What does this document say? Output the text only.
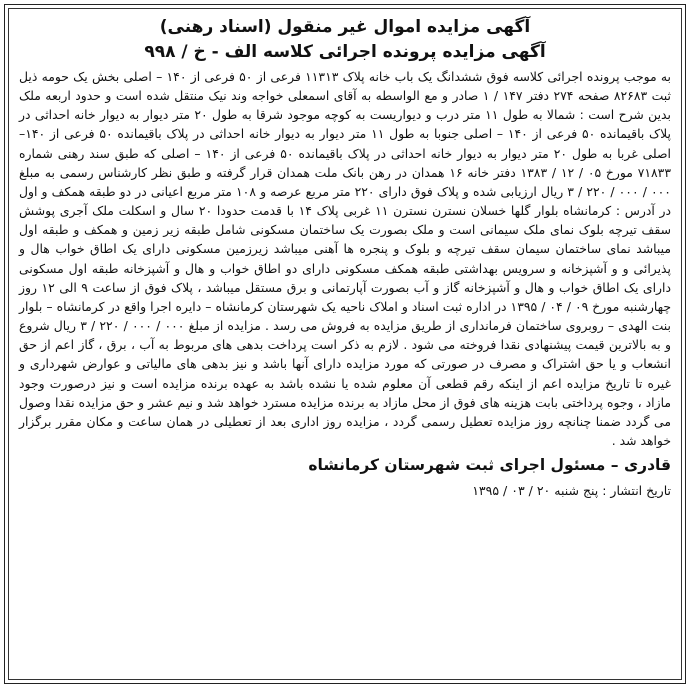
آگهی مزایده اموال غیر منقول (اسناد رهنی)

آگهی مزایده پرونده اجرائی کلاسه الف - خ / ۹۹۸

به موجب پرونده اجرائی کلاسه فوق ششدانگ یک باب خانه پلاک ۱۱۳۱۳ فرعی از ۵۰ فرعی از ۱۴۰ – اصلی بخش یک حومه ذیل ثبت ۸۲۶۸۳ صفحه ۲۷۴ دفتر ۱۴۷ / ۱ صادر و مع الواسطه به آقای اسمعلی خواجه وند نیک منتقل شده است و حدود اربعه ملک بدین شرح است : شمالا به طول ۱۱ متر درب و دیواریست به کوچه موجود شرقا به طول ۲۰ متر دیوار به دیوار خانه احداثی در پلاک باقیمانده ۵۰ فرعی از ۱۴۰ – اصلی جنوبا به طول ۱۱ متر دیوار به دیوار خانه احداثی در پلاک باقیمانده ۵۰ فرعی از ۱۴۰– اصلی غربا به طول ۲۰ متر دیوار به دیوار خانه احداثی در پلاک باقیمانده ۵۰ فرعی از ۱۴۰ – اصلی که طبق سند رهنی شماره ۷۱۸۳۳ مورخ ۰۵ / ۱۲ / ۱۳۸۳ دفتر خانه ۱۶ همدان در رهن بانک ملت همدان قرار گرفته و طبق نظر کارشناس رسمی به مبلغ ۰۰۰ / ۰۰۰ / ۲۲۰ / ۳ ریال ارزیابی شده و پلاک فوق دارای ۲۲۰ متر مربع عرصه و ۱۰۸ متر مربع اعیانی در دو طبقه همکف و اول در آدرس : کرمانشاه بلوار گلها خسلان نسترن نسترن ۱۱ غربی پلاک ۱۴ با قدمت حدودا ۲۰ سال و اسکلت ملک آجری پوشش سقف تیرچه بلوک نمای ملک سیمانی است و ملک بصورت یک ساختمان مسکونی شامل طبقه زیر زمین و همکف و طبقه اول میباشد نمای ساختمان سیمان سقف تیرچه و بلوک و پنجره ها آهنی میباشد زیرزمین مسکونی دارای یک اطاق خواب هال و پذیرائی و و آشپزخانه و سرویس بهداشتی طبقه همکف مسکونی دارای دو اطاق خواب و هال و آشپزخانه طبقه اول مسکونی دارای یک اطاق خواب و هال و آشپزخانه گاز و آب بصورت آپارتمانی و برق مستقل میباشد ، پلاک فوق از ساعت ۹ الی ۱۲ روز چهارشنبه مورخ ۰۹ / ۰۴ / ۱۳۹۵ در اداره ثبت اسناد و املاک ناحیه یک شهرستان کرمانشاه – دایره اجرا واقع در کرمانشاه – بلوار بنت الهدی – روبروی ساختمان فرمانداری از طریق مزایده به فروش می رسد . مزایده از مبلغ ۰۰۰ / ۰۰۰ / ۲۲۰ / ۳ ریال شروع و به بالاترین قیمت پیشنهادی نقدا فروخته می شود . لازم به ذکر است پرداخت بدهی های مربوط به آب ، برق ، گاز اعم از حق انشعاب و یا حق اشتراک و مصرف در صورتی که مورد مزایده دارای آنها باشد و نیز بدهی های مالیاتی و عوارض شهرداری و غیره تا تاریخ مزایده اعم از اینکه رقم قطعی آن معلوم شده یا نشده باشد به عهده برنده مزایده است و نیز درصورت وجود مازاد ، وجوه پرداختی بابت هزینه های فوق از محل مازاد به برنده مزایده مسترد خواهد شد و نیم عشر و حق مزایده نقدا وصول می گردد ضمنا چنانچه روز مزایده تعطیل رسمی گردد ، مزایده روز اداری بعد از تعطیلی در همان ساعت و مکان مقرر برگزار خواهد شد .

قادری – مسئول اجرای ثبت شهرستان کرمانشاه

تاریخ انتشار : پنج شنبه ۲۰ / ۰۳ / ۱۳۹۵
